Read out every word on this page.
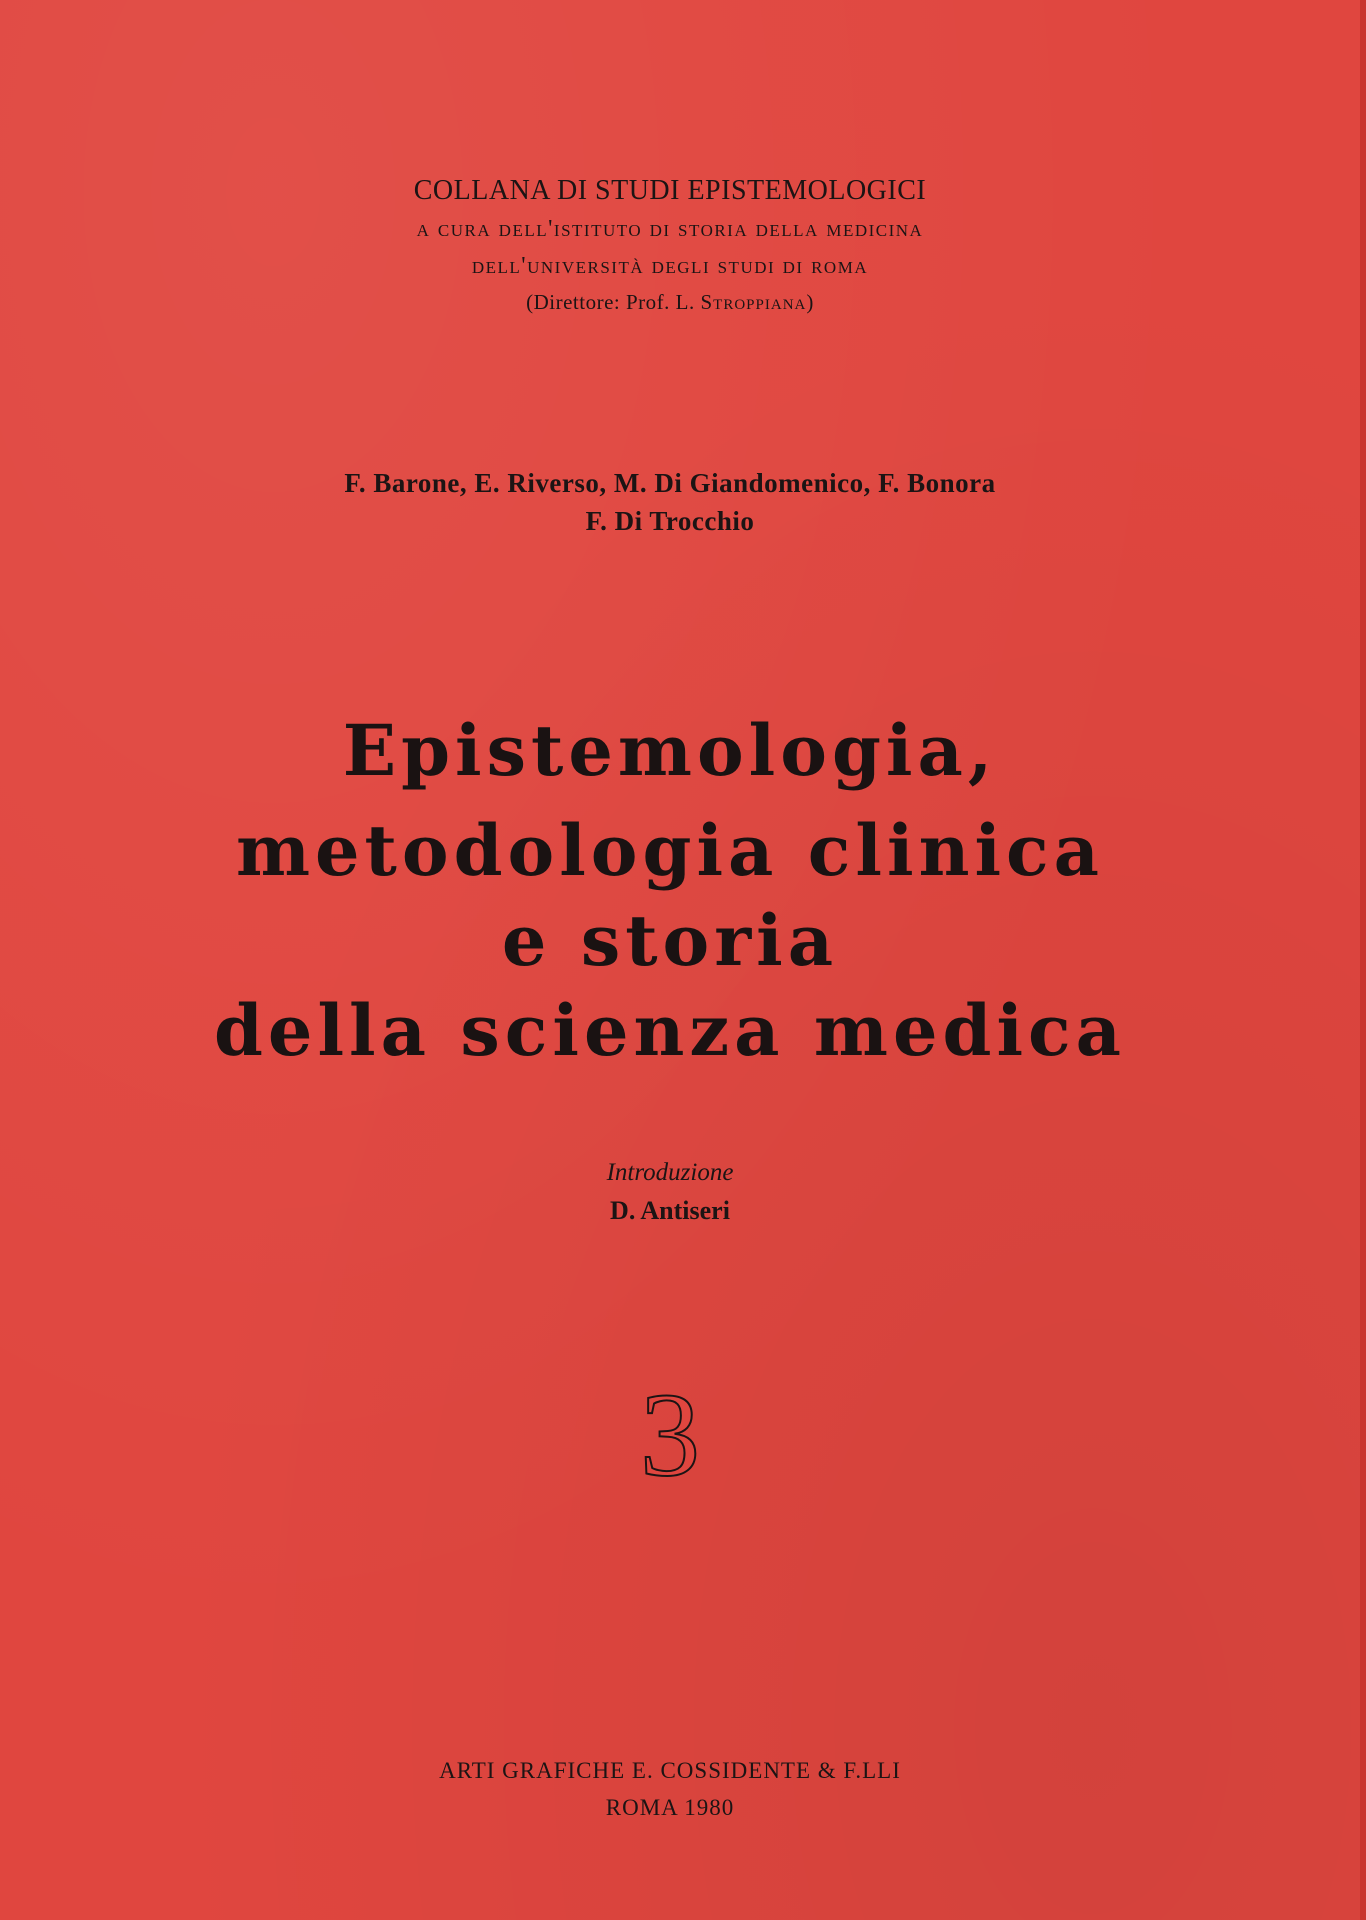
COLLANA DI STUDI EPISTEMOLOGICI
a cura dell'istituto di storia della medicina
dell'università degli studi di roma
(Direttore: Prof. L. Stroppiana)
F. Barone, E. Riverso, M. Di Giandomenico, F. Bonora
F. Di Trocchio
Epistemologia,
metodologia clinica
e storia
della scienza medica
Introduzione
D. Antiseri
3
ARTI GRAFICHE E. COSSIDENTE & F.LLI
ROMA 1980
